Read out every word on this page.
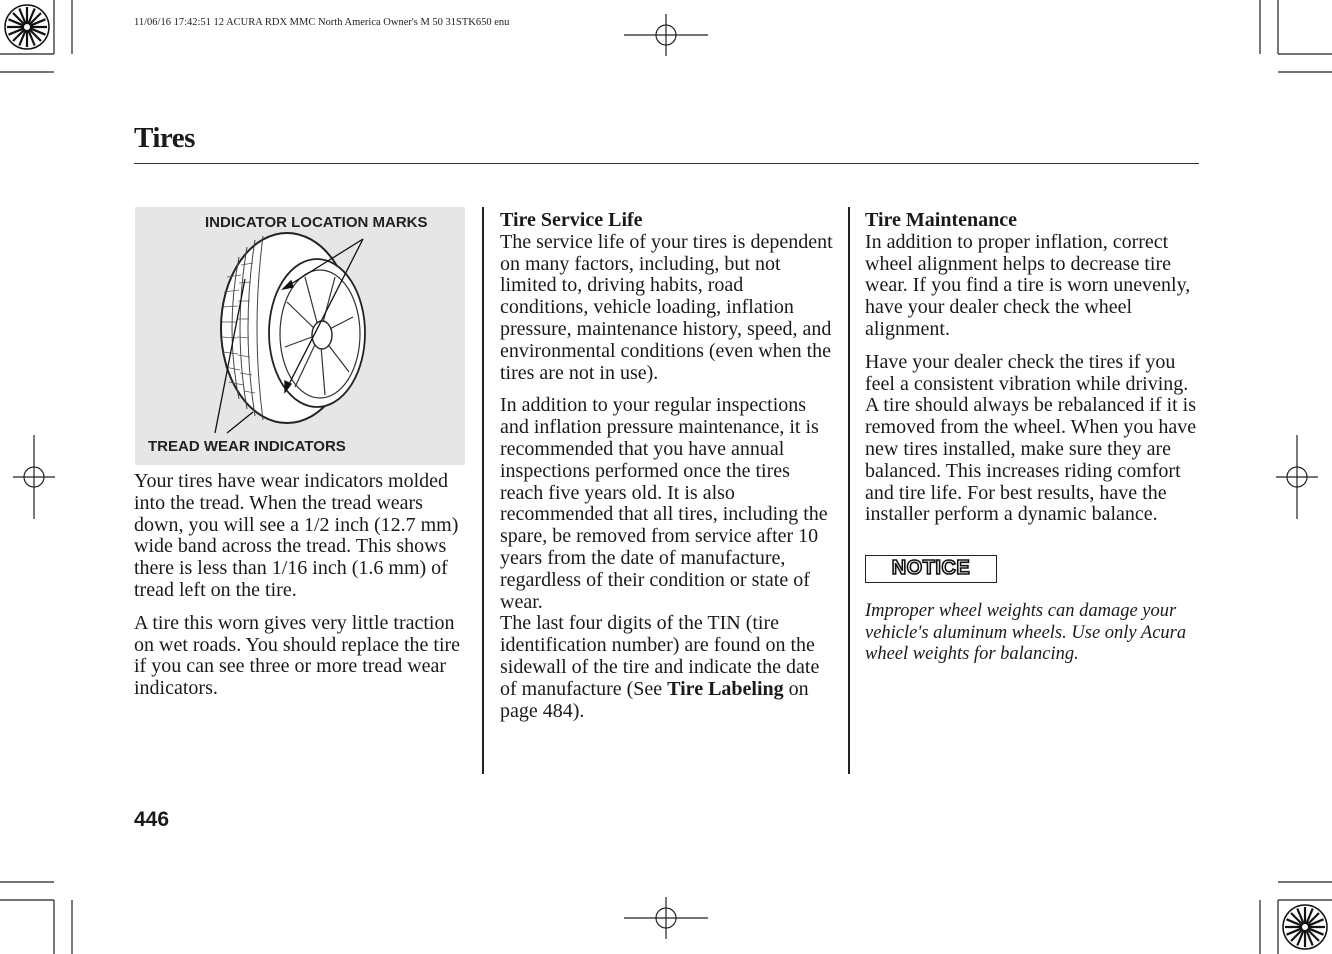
11/06/16 17:42:51 12 ACURA RDX MMC North America Owner's M 50 31STK650 enu
Tires
INDICATOR LOCATION MARKS
TREAD WEAR INDICATORS

Your tires have wear indicators molded into the tread. When the tread wears down, you will see a 1/2 inch (12.7 mm) wide band across the tread. This shows there is less than 1/16 inch (1.6 mm) of tread left on the tire.

A tire this worn gives very little traction on wet roads. You should replace the tire if you can see three or more tread wear indicators.

Tire Service Life

The service life of your tires is dependent on many factors, including, but not limited to, driving habits, road conditions, vehicle loading, inflation pressure, maintenance history, speed, and environmental conditions (even when the tires are not in use).

In addition to your regular inspections and inflation pressure maintenance, it is recommended that you have annual inspections performed once the tires reach five years old. It is also recommended that all tires, including the spare, be removed from service after 10 years from the date of manufacture, regardless of their condition or state of wear.

The last four digits of the TIN (tire identification number) are found on the sidewall of the tire and indicate the date of manufacture (See Tire Labeling on page 484).

Tire Maintenance

In addition to proper inflation, correct wheel alignment helps to decrease tire wear. If you find a tire is worn unevenly, have your dealer check the wheel alignment.

Have your dealer check the tires if you feel a consistent vibration while driving. A tire should always be rebalanced if it is removed from the wheel. When you have new tires installed, make sure they are balanced. This increases riding comfort and tire life. For best results, have the installer perform a dynamic balance.

NOTICE

Improper wheel weights can damage your vehicle's aluminum wheels. Use only Acura wheel weights for balancing.

446
